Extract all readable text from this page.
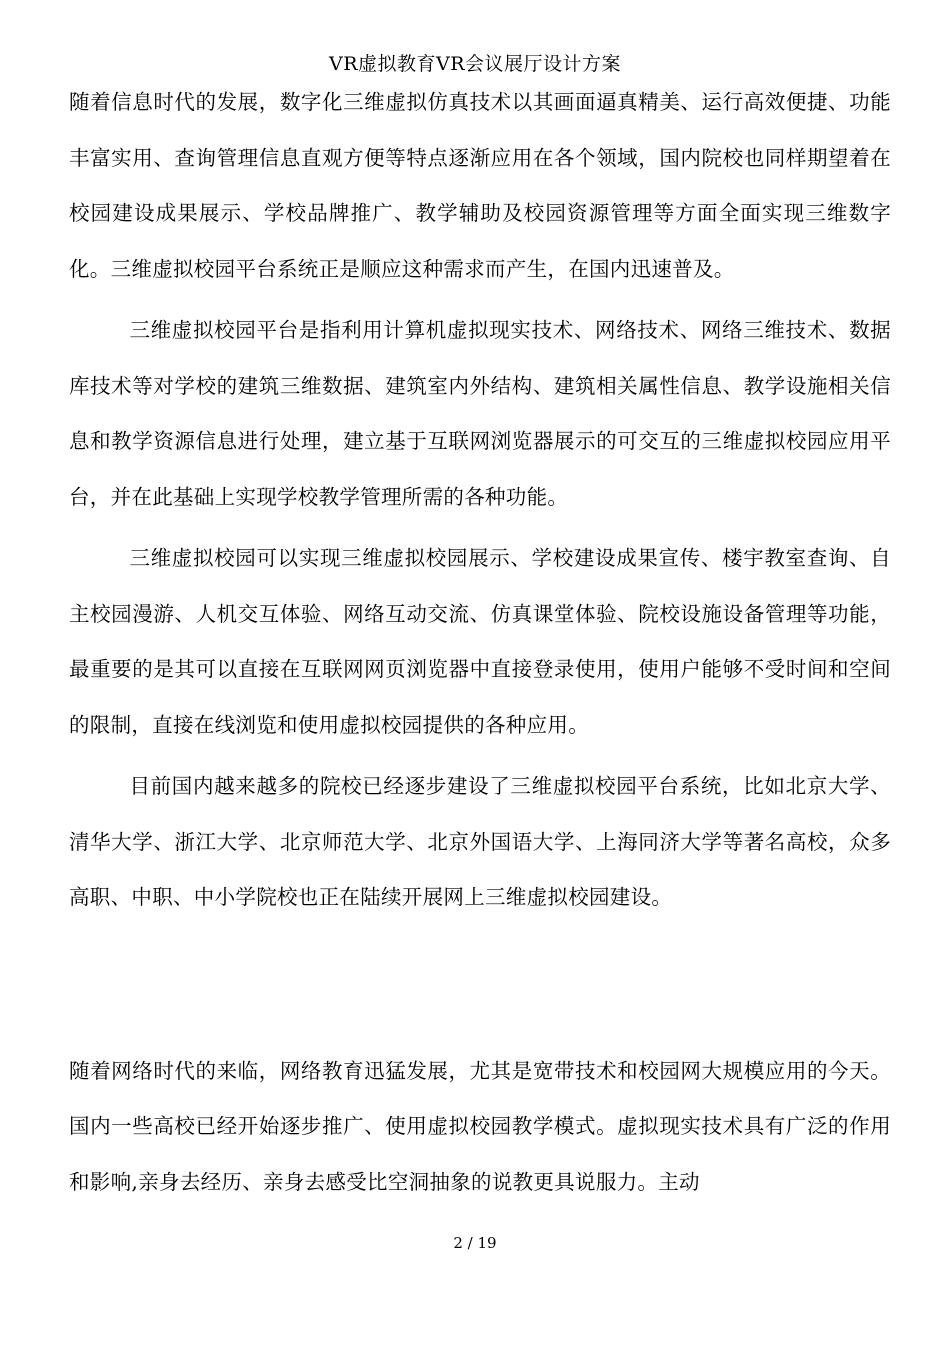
VR虚拟教育VR会议展厅设计方案

随着信息时代的发展，数字化三维虚拟仿真技术以其画面逼真精美、运行高效便捷、功能丰富实用、查询管理信息直观方便等特点逐渐应用在各个领域，国内院校也同样期望着在校园建设成果展示、学校品牌推广、教学辅助及校园资源管理等方面全面实现三维数字化。三维虚拟校园平台系统正是顺应这种需求而产生，在国内迅速普及。

三维虚拟校园平台是指利用计算机虚拟现实技术、网络技术、网络三维技术、数据库技术等对学校的建筑三维数据、建筑室内外结构、建筑相关属性信息、教学设施相关信息和教学资源信息进行处理，建立基于互联网浏览器展示的可交互的三维虚拟校园应用平台，并在此基础上实现学校教学管理所需的各种功能。

三维虚拟校园可以实现三维虚拟校园展示、学校建设成果宣传、楼宇教室查询、自主校园漫游、人机交互体验、网络互动交流、仿真课堂体验、院校设施设备管理等功能，最重要的是其可以直接在互联网网页浏览器中直接登录使用，使用户能够不受时间和空间的限制，直接在线浏览和使用虚拟校园提供的各种应用。

目前国内越来越多的院校已经逐步建设了三维虚拟校园平台系统，比如北京大学、清华大学、浙江大学、北京师范大学、北京外国语大学、上海同济大学等著名高校，众多高职、中职、中小学院校也正在陆续开展网上三维虚拟校园建设。

随着网络时代的来临，网络教育迅猛发展，尤其是宽带技术和校园网大规模应用的今天。国内一些高校已经开始逐步推广、使用虚拟校园教学模式。虚拟现实技术具有广泛的作用和影响,亲身去经历、亲身去感受比空洞抽象的说教更具说服力。主动

2 / 19
